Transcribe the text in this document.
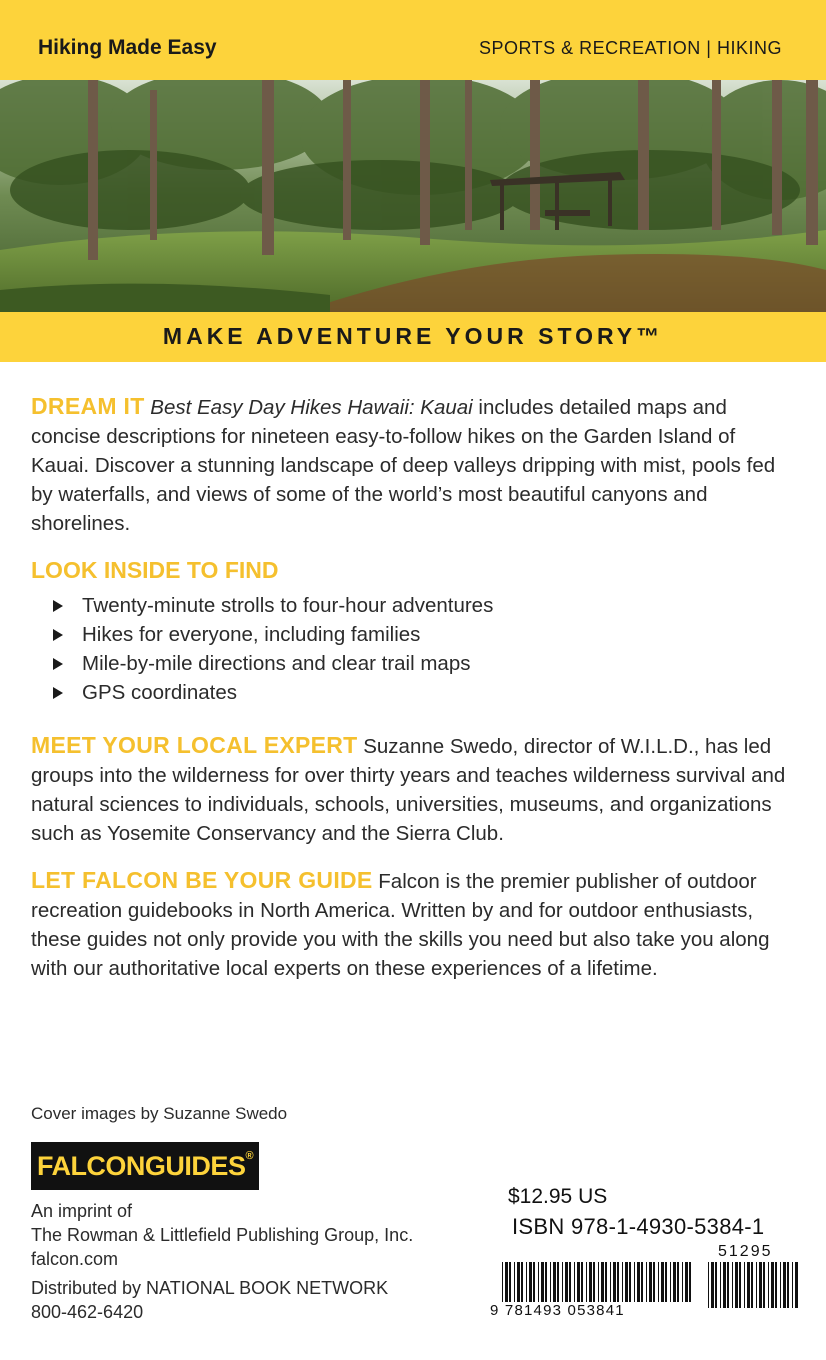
Hiking Made Easy	SPORTS & RECREATION | HIKING
MAKE ADVENTURE YOUR STORY™

DREAM IT Best Easy Day Hikes Hawaii: Kauai includes detailed maps and concise descriptions for nineteen easy-to-follow hikes on the Garden Island of Kauai. Discover a stunning landscape of deep valleys dripping with mist, pools fed by waterfalls, and views of some of the world’s most beautiful canyons and shorelines.

LOOK INSIDE TO FIND
Twenty-minute strolls to four-hour adventures
Hikes for everyone, including families
Mile-by-mile directions and clear trail maps
GPS coordinates

MEET YOUR LOCAL EXPERT Suzanne Swedo, director of W.I.L.D., has led groups into the wilderness for over thirty years and teaches wilderness survival and natural sciences to individuals, schools, universities, museums, and organizations such as Yosemite Conservancy and the Sierra Club.

LET FALCON BE YOUR GUIDE Falcon is the premier publisher of outdoor recreation guidebooks in North America. Written by and for outdoor enthusiasts, these guides not only provide you with the skills you need but also take you along with our authoritative local experts on these experiences of a lifetime.

Cover images by Suzanne Swedo
FALCONGUIDES®
An imprint of
The Rowman & Littlefield Publishing Group, Inc.
falcon.com
Distributed by NATIONAL BOOK NETWORK
800-462-6420
$12.95 US
ISBN 978-1-4930-5384-1
51295
9 781493 053841
